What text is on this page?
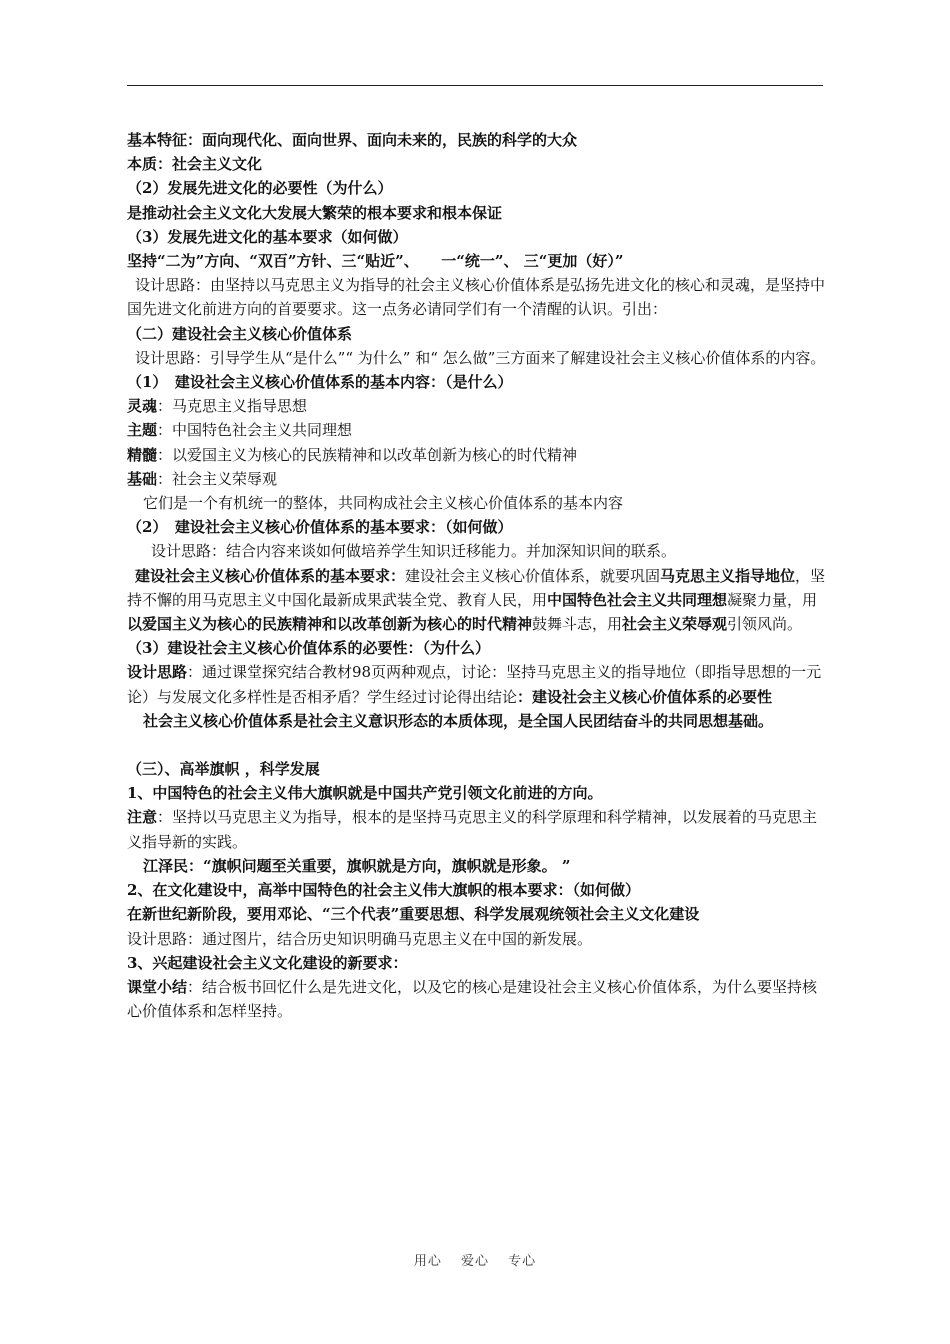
基本特征：面向现代化、面向世界、面向未来的，民族的科学的大众

本质：社会主义文化

（2）发展先进文化的必要性（为什么）

是推动社会主义文化大发展大繁荣的根本要求和根本保证

（3）发展先进文化的基本要求（如何做）

坚持“二为”方向、“双百”方针、三“贴近”、　　一“统一”、 三“更加（好）”

设计思路：由坚持以马克思主义为指导的社会主义核心价值体系是弘扬先进文化的核心和灵魂，是坚持中国先进文化前进方向的首要要求。这一点务必请同学们有一个清醒的认识。引出：

（二）建设社会主义核心价值体系

设计思路：引导学生从“是什么”“ 为什么” 和“ 怎么做”三方面来了解建设社会主义核心价值体系的内容。

（1）　建设社会主义核心价值体系的基本内容：（是什么）

灵魂：马克思主义指导思想

主题：中国特色社会主义共同理想

精髓：以爱国主义为核心的民族精神和以改革创新为核心的时代精神

基础：社会主义荣辱观

它们是一个有机统一的整体，共同构成社会主义核心价值体系的基本内容

（2）　建设社会主义核心价值体系的基本要求：（如何做）

设计思路：结合内容来谈如何做培养学生知识迁移能力。并加深知识间的联系。

建设社会主义核心价值体系的基本要求：建设社会主义核心价值体系，就要巩固马克思主义指导地位，坚持不懈的用马克思主义中国化最新成果武装全党、教育人民，用中国特色社会主义共同理想凝聚力量，用以爱国主义为核心的民族精神和以改革创新为核心的时代精神鼓舞斗志，用社会主义荣辱观引领风尚。

（3）建设社会主义核心价值体系的必要性：（为什么）

设计思路：通过课堂探究结合教材98页两种观点，讨论：坚持马克思主义的指导地位（即指导思想的一元论）与发展文化多样性是否相矛盾？学生经过讨论得出结论：建设社会主义核心价值体系的必要性

社会主义核心价值体系是社会主义意识形态的本质体现，是全国人民团结奋斗的共同思想基础。

（三）、高举旗帜 ，科学发展

1、中国特色的社会主义伟大旗帜就是中国共产党引领文化前进的方向。

注意：坚持以马克思主义为指导，根本的是坚持马克思主义的科学原理和科学精神，以发展着的马克思主义指导新的实践。

江泽民：“旗帜问题至关重要，旗帜就是方向，旗帜就是形象。 ”

2、在文化建设中，高举中国特色的社会主义伟大旗帜的根本要求：（如何做）

在新世纪新阶段，要用邓论、“三个代表”重要思想、科学发展观统领社会主义文化建设

设计思路：通过图片，结合历史知识明确马克思主义在中国的新发展。

3、兴起建设社会主义文化建设的新要求：

课堂小结：结合板书回忆什么是先进文化，以及它的核心是建设社会主义核心价值体系，为什么要坚持核心价值体系和怎样坚持。

用心 爱心 专心
